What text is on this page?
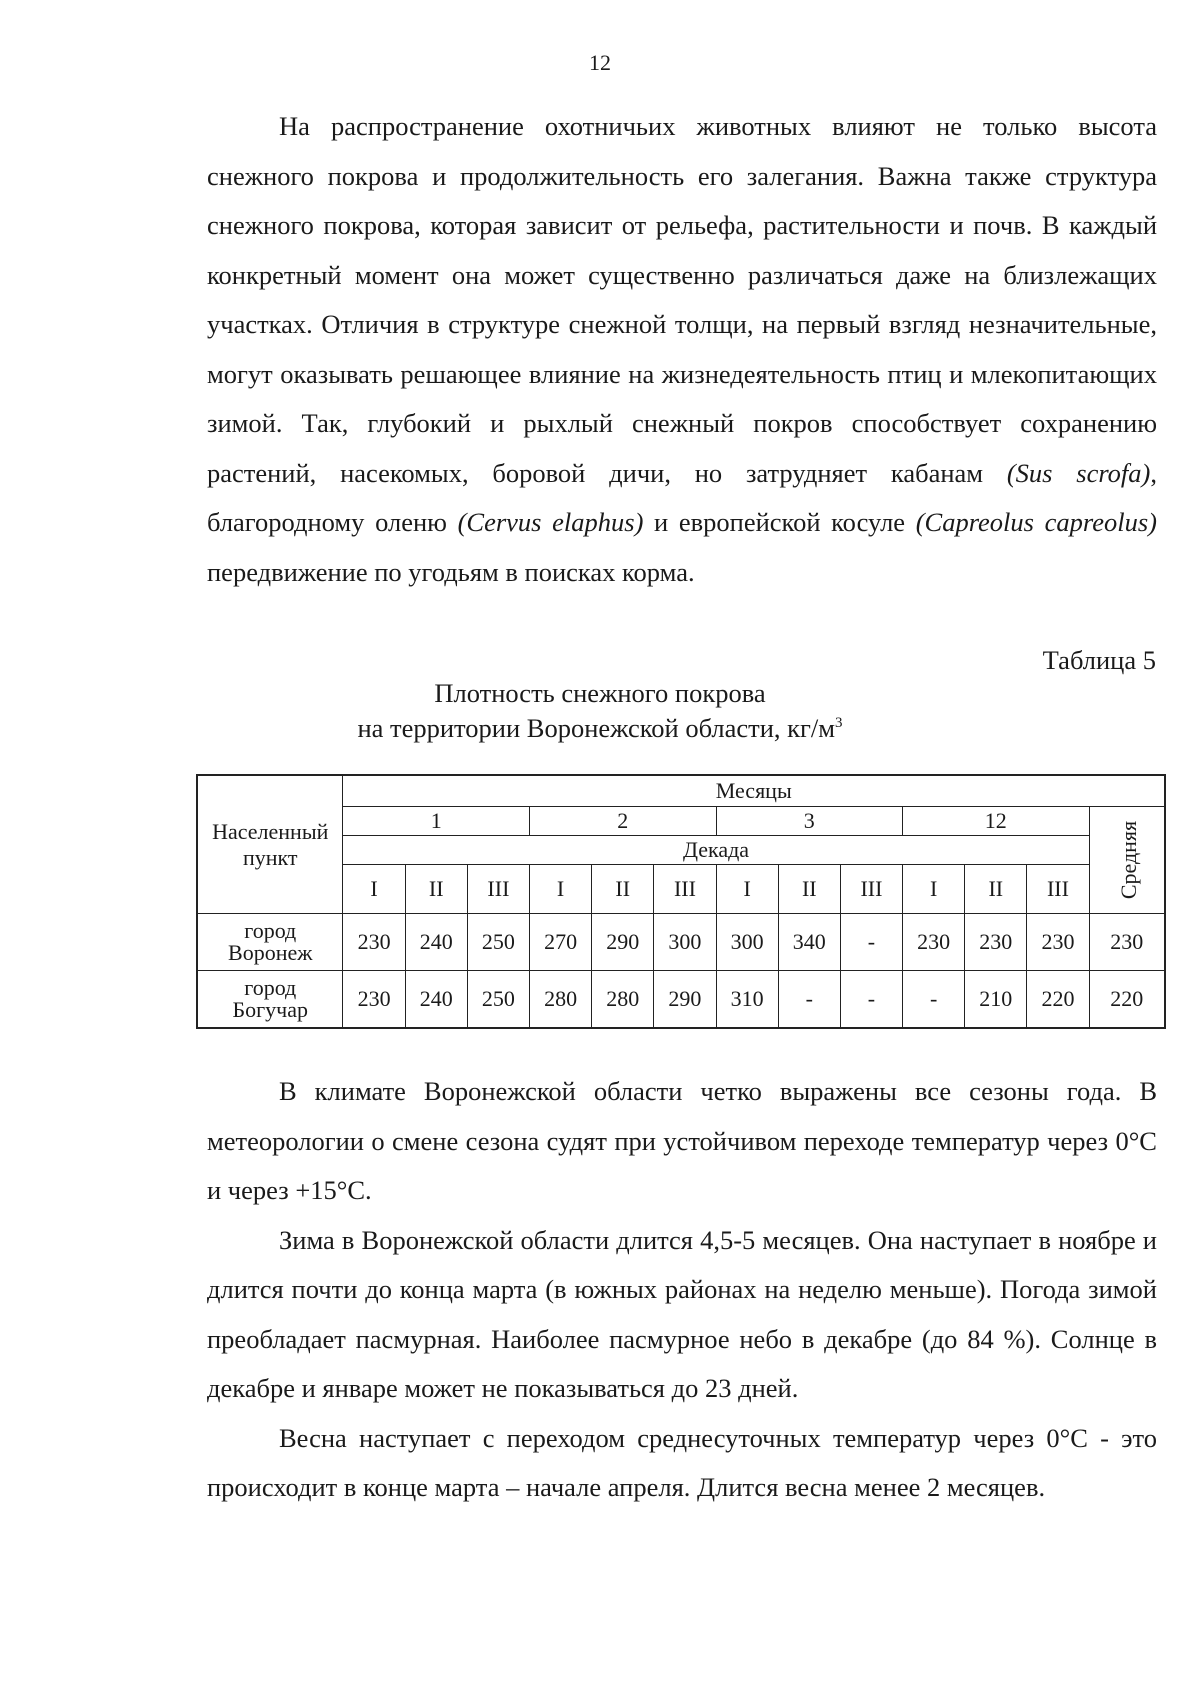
12

На распространение охотничьих животных влияют не только высота снежного покрова и продолжительность его залегания. Важна также структура снежного покрова, которая зависит от рельефа, растительности и почв. В каждый конкретный момент она может существенно различаться даже на близлежащих участках. Отличия в структуре снежной толщи, на первый взгляд незначительные, могут оказывать решающее влияние на жизнедеятельность птиц и млекопитающих зимой. Так, глубокий и рыхлый снежный покров способствует сохранению растений, насекомых, боровой дичи, но затрудняет кабанам (Sus scrofa), благородному оленю (Cervus elaphus) и европейской косуле (Capreolus capreolus) передвижение по угодьям в поисках корма.

Таблица 5
Плотность снежного покрова
на территории Воронежской области, $кг/м^3$
Населенный
пункт	Месяцы												
	1			2			3			12			Средняя
	Декада												
	I	II	III	I	II	III	I	II	III	I	II	III	

город
Воронеж	230	240	250	270	290	300	300	340	-	230	230	230	230

город
Богучар	230	240	250	280	280	290	310	-	-	-	210	220	220

В климате Воронежской области четко выражены все сезоны года. В метеорологии о смене сезона судят при устойчивом переходе температур через 0°С и через +15°С.

Зима в Воронежской области длится 4,5-5 месяцев. Она наступает в ноябре и длится почти до конца марта (в южных районах на неделю меньше). Погода зимой преобладает пасмурная. Наиболее пасмурное небо в декабре (до 84 %). Солнце в декабре и январе может не показываться до 23 дней.

Весна наступает с переходом среднесуточных температур через 0°С - это происходит в конце марта – начале апреля. Длится весна менее 2 месяцев.
